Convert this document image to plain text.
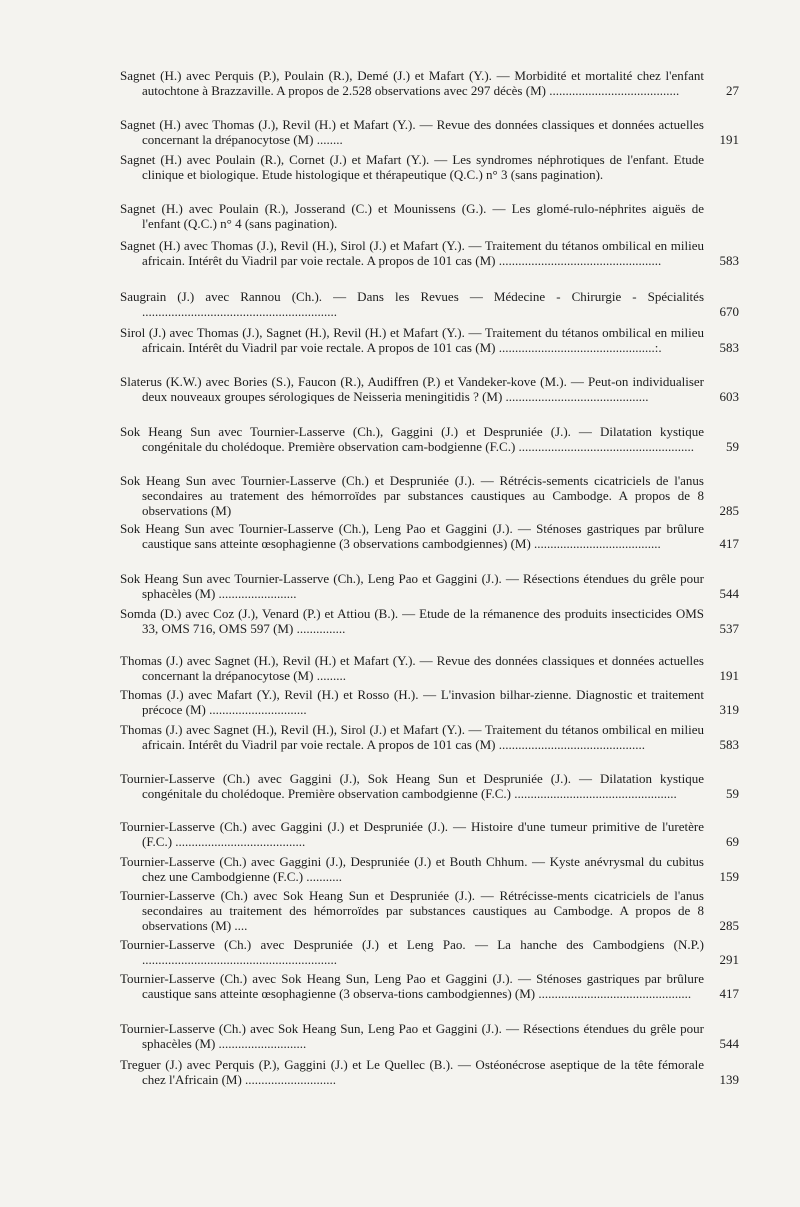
Sagnet (H.) avec Perquis (P.), Poulain (R.), Demé (J.) et Mafart (Y.). — Morbidité et mortalité chez l'enfant autochtone à Brazzaville. A propos de 2.528 observations avec 297 décès (M) ........................................	27
Sagnet (H.) avec Thomas (J.), Revil (H.) et Mafart (Y.). — Revue des données classiques et données actuelles concernant la drépanocytose (M) ........	191
Sagnet (H.) avec Poulain (R.), Cornet (J.) et Mafart (Y.). — Les syndromes néphrotiques de l'enfant. Etude clinique et biologique. Etude histologique et thérapeutique (Q.C.) n° 3 (sans pagination).
Sagnet (H.) avec Poulain (R.), Josserand (C.) et Mounissens (G.). — Les glomé-rulo-néphrites aiguës de l'enfant (Q.C.) n° 4 (sans pagination).
Sagnet (H.) avec Thomas (J.), Revil (H.), Sirol (J.) et Mafart (Y.). — Traitement du tétanos ombilical en milieu africain. Intérêt du Viadril par voie rectale. A propos de 101 cas (M) ..................................................	583
Saugrain (J.) avec Rannou (Ch.). — Dans les Revues — Médecine - Chirurgie - Spécialités ............................................................	670
Sirol (J.) avec Thomas (J.), Sagnet (H.), Revil (H.) et Mafart (Y.). — Traitement du tétanos ombilical en milieu africain. Intérêt du Viadril par voie rectale. A propos de 101 cas (M) ................................................:.	583
Slaterus (K.W.) avec Bories (S.), Faucon (R.), Audiffren (P.) et Vandeker-kove (M.). — Peut-on individualiser deux nouveaux groupes sérologiques de Neisseria meningitidis ? (M) ............................................	603
Sok Heang Sun avec Tournier-Lasserve (Ch.), Gaggini (J.) et Despruniée (J.). — Dilatation kystique congénitale du cholédoque. Première observation cam-bodgienne (F.C.) ......................................................	59
Sok Heang Sun avec Tournier-Lasserve (Ch.) et Despruniée (J.). — Rétrécis-sements cicatriciels de l'anus secondaires au tratement des hémorroïdes par substances caustiques au Cambodge. A propos de 8 observations (M)	285
Sok Heang Sun avec Tournier-Lasserve (Ch.), Leng Pao et Gaggini (J.). — Sténoses gastriques par brûlure caustique sans atteinte œsophagienne (3 observations cambodgiennes) (M) .......................................	417
Sok Heang Sun avec Tournier-Lasserve (Ch.), Leng Pao et Gaggini (J.). — Résections étendues du grêle pour sphacèles (M) ........................	544
Somda (D.) avec Coz (J.), Venard (P.) et Attiou (B.). — Etude de la rémanence des produits insecticides OMS 33, OMS 716, OMS 597 (M) ...............	537
Thomas (J.) avec Sagnet (H.), Revil (H.) et Mafart (Y.). — Revue des données classiques et données actuelles concernant la drépanocytose (M) .........	191
Thomas (J.) avec Mafart (Y.), Revil (H.) et Rosso (H.). — L'invasion bilhar-zienne. Diagnostic et traitement précoce (M) ..............................	319
Thomas (J.) avec Sagnet (H.), Revil (H.), Sirol (J.) et Mafart (Y.). — Traitement du tétanos ombilical en milieu africain. Intérêt du Viadril par voie rectale. A propos de 101 cas (M) .............................................	583
Tournier-Lasserve (Ch.) avec Gaggini (J.), Sok Heang Sun et Despruniée (J.). — Dilatation kystique congénitale du cholédoque. Première observation cambodgienne (F.C.) ..................................................	59
Tournier-Lasserve (Ch.) avec Gaggini (J.) et Despruniée (J.). — Histoire d'une tumeur primitive de l'uretère (F.C.) ........................................	69
Tournier-Lasserve (Ch.) avec Gaggini (J.), Despruniée (J.) et Bouth Chhum. — Kyste anévrysmal du cubitus chez une Cambodgienne (F.C.) ...........	159
Tournier-Lasserve (Ch.) avec Sok Heang Sun et Despruniée (J.). — Rétrécisse-ments cicatriciels de l'anus secondaires au traitement des hémorroïdes par substances caustiques au Cambodge. A propos de 8 observations (M) ....	285
Tournier-Lasserve (Ch.) avec Despruniée (J.) et Leng Pao. — La hanche des Cambodgiens (N.P.) ............................................................	291
Tournier-Lasserve (Ch.) avec Sok Heang Sun, Leng Pao et Gaggini (J.). — Sténoses gastriques par brûlure caustique sans atteinte œsophagienne (3 observa-tions cambodgiennes) (M) ...............................................	417
Tournier-Lasserve (Ch.) avec Sok Heang Sun, Leng Pao et Gaggini (J.). — Résections étendues du grêle pour sphacèles (M) ...........................	544
Treguer (J.) avec Perquis (P.), Gaggini (J.) et Le Quellec (B.). — Ostéonécrose aseptique de la tête fémorale chez l'Africain (M) ............................	139
